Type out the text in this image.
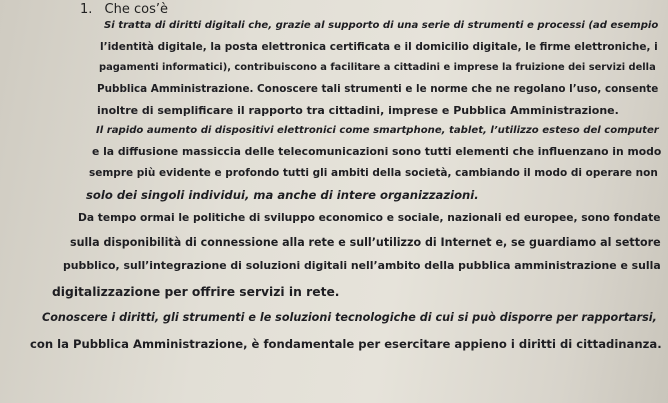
1. Che cos’è
Si tratta di diritti digitali che, grazie al supporto di una serie di strumenti e processi (ad esempio
l’identità digitale, la posta elettronica certificata e il domicilio digitale, le firme elettroniche, i
pagamenti informatici), contribuiscono a facilitare a cittadini e imprese la fruizione dei servizi della
Pubblica Amministrazione. Conoscere tali strumenti e le norme che ne regolano l’uso, consente
inoltre di semplificare il rapporto tra cittadini, imprese e Pubblica Amministrazione.
Il rapido aumento di dispositivi elettronici come smartphone, tablet, l’utilizzo esteso del computer
e la diffusione massiccia delle telecomunicazioni sono tutti elementi che influenzano in modo
sempre più evidente e profondo tutti gli ambiti della società, cambiando il modo di operare non
solo dei singoli individui, ma anche di intere organizzazioni.
Da tempo ormai le politiche di sviluppo economico e sociale, nazionali ed europee, sono fondate
sulla disponibilità di connessione alla rete e sull’utilizzo di Internet e, se guardiamo al settore
pubblico, sull’integrazione di soluzioni digitali nell’ambito della pubblica amministrazione e sulla
digitalizzazione per offrire servizi in rete.
Conoscere i diritti, gli strumenti e le soluzioni tecnologiche di cui si può disporre per rapportarsi,
con la Pubblica Amministrazione, è fondamentale per esercitare appieno i diritti di cittadinanza.
